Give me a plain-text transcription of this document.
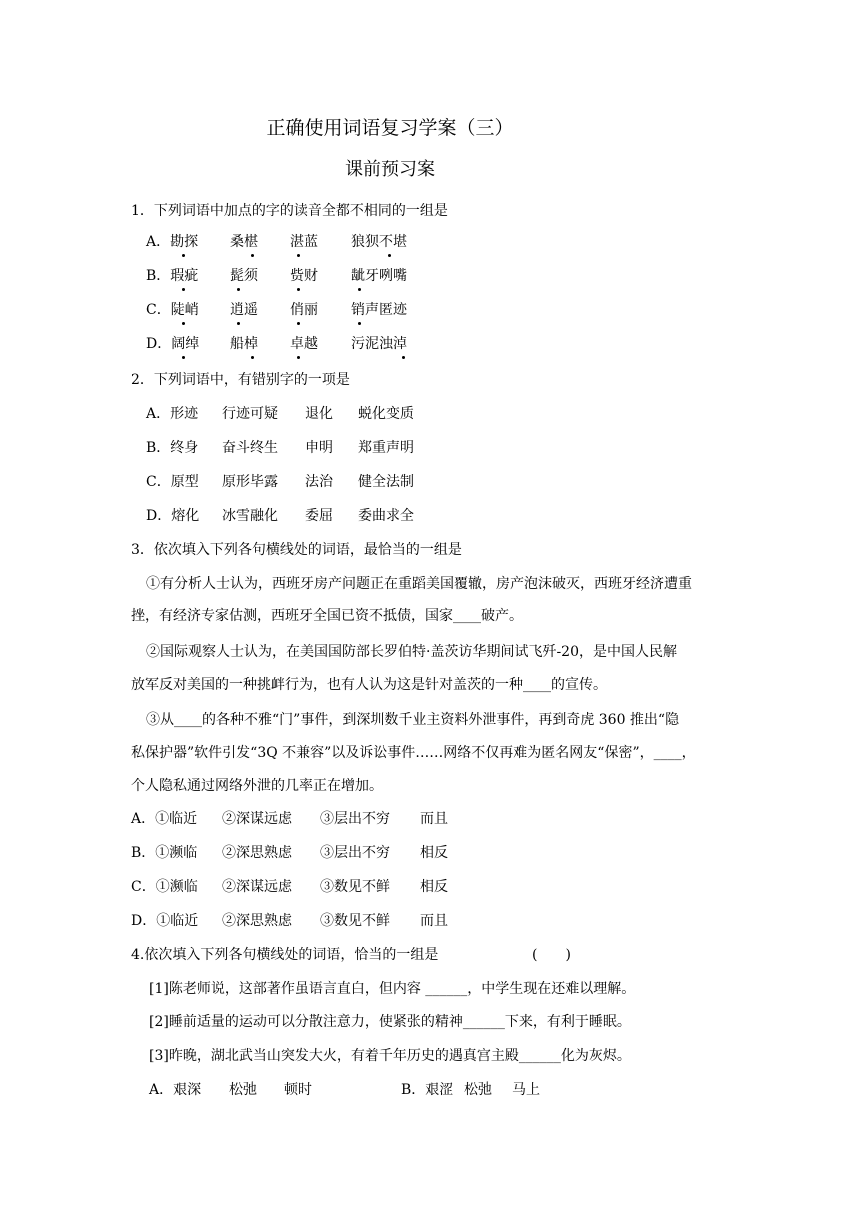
正确使用词语复习学案（三）
课前预习案
1．下列词语中加点的字的读音全都不相同的一组是
A．勘探 桑椹 湛蓝 狼狈不堪
B．瑕疵 髭须 赀财 龇牙咧嘴
C．陡峭 逍遥 俏丽 销声匿迹
D．阔绰 船棹 卓越 污泥浊淖
2．下列词语中，有错别字的一项是
A．形迹 行迹可疑 退化 蜕化变质
B．终身 奋斗终生 申明 郑重声明
C．原型 原形毕露 法治 健全法制
D．熔化 冰雪融化 委屈 委曲求全
3．依次填入下列各句横线处的词语，最恰当的一组是
①有分析人士认为，西班牙房产问题正在重蹈美国覆辙，房产泡沫破灭，西班牙经济遭重
挫，有经济专家估测，西班牙全国已资不抵债，国家____破产。
②国际观察人士认为，在美国国防部长罗伯特·盖茨访华期间试飞歼-20，是中国人民解
放军反对美国的一种挑衅行为，也有人认为这是针对盖茨的一种____的宣传。
③从____的各种不雅“门”事件，到深圳数千业主资料外泄事件，再到奇虎 360 推出“隐
私保护器”软件引发“3Q 不兼容”以及诉讼事件……网络不仅再难为匿名网友“保密”，____，
个人隐私通过网络外泄的几率正在增加。
A．①临近 ②深谋远虑 ③层出不穷 而且
B．①濒临 ②深思熟虑 ③层出不穷 相反
C．①濒临 ②深谋远虑 ③数见不鲜 相反
D．①临近 ②深思熟虑 ③数见不鲜 而且
4.依次填入下列各句横线处的词语，恰当的一组是	(　　)
[1]陈老师说，这部著作虽语言直白，但内容 ______，中学生现在还难以理解。
[2]睡前适量的运动可以分散注意力，使紧张的精神______下来，有利于睡眠。
[3]昨晚，湖北武当山突发大火，有着千年历史的遇真宫主殿______化为灰烬。
A．艰深 松弛 顿时	B．艰涩 松弛 马上
